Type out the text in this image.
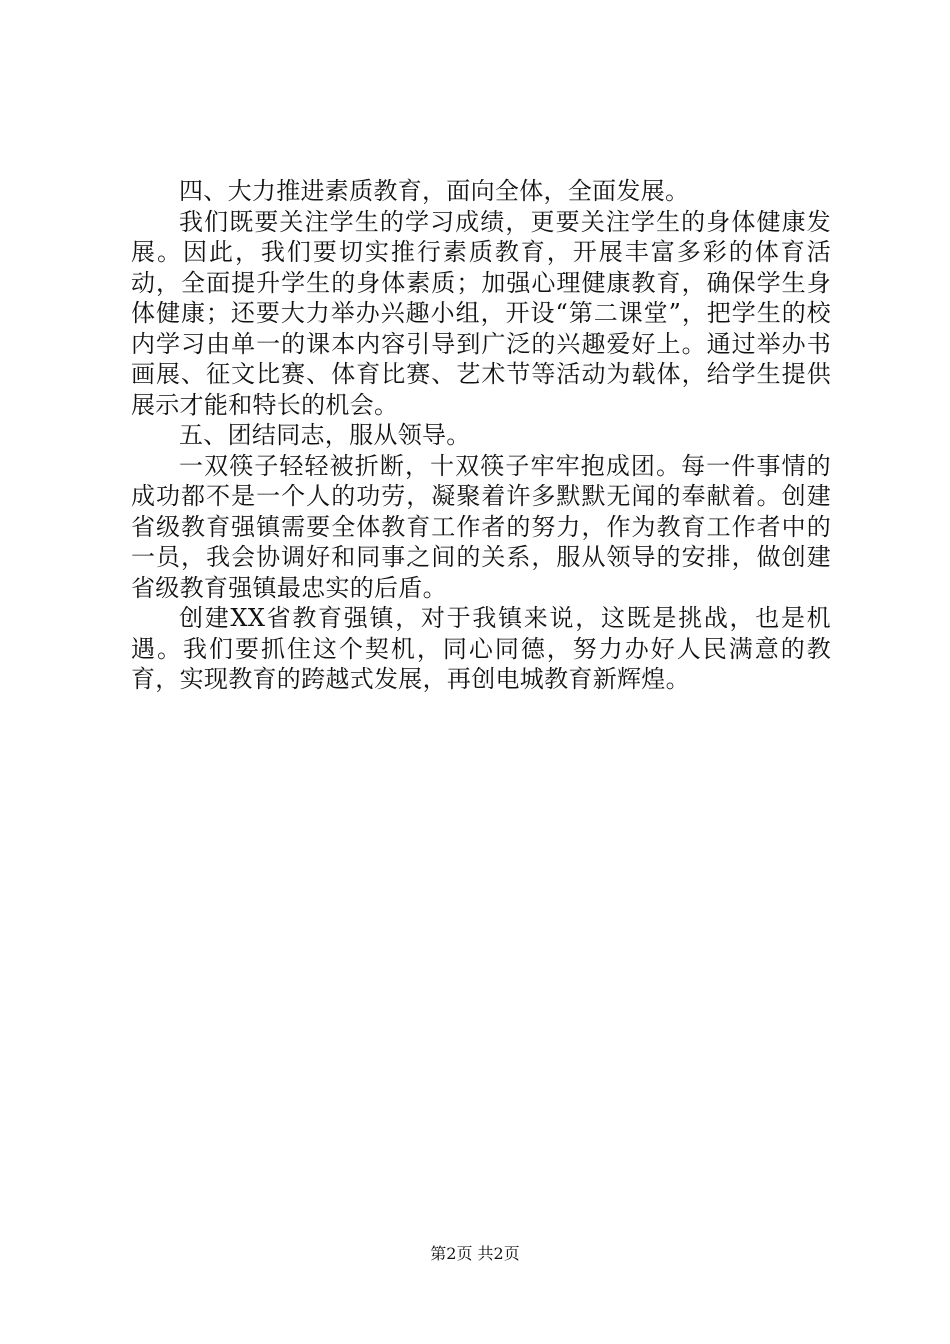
四、大力推进素质教育，面向全体，全面发展。

我们既要关注学生的学习成绩，更要关注学生的身体健康发展。因此，我们要切实推行素质教育，开展丰富多彩的体育活动，全面提升学生的身体素质；加强心理健康教育，确保学生身体健康；还要大力举办兴趣小组，开设“第二课堂”，把学生的校内学习由单一的课本内容引导到广泛的兴趣爱好上。通过举办书画展、征文比赛、体育比赛、艺术节等活动为载体，给学生提供展示才能和特长的机会。

五、团结同志，服从领导。

一双筷子轻轻被折断，十双筷子牢牢抱成团。每一件事情的成功都不是一个人的功劳，凝聚着许多默默无闻的奉献着。创建省级教育强镇需要全体教育工作者的努力，作为教育工作者中的一员，我会协调好和同事之间的关系，服从领导的安排，做创建省级教育强镇最忠实的后盾。

创建XX省教育强镇，对于我镇来说，这既是挑战，也是机遇。我们要抓住这个契机，同心同德，努力办好人民满意的教育，实现教育的跨越式发展，再创电城教育新辉煌。

第2页 共2页
